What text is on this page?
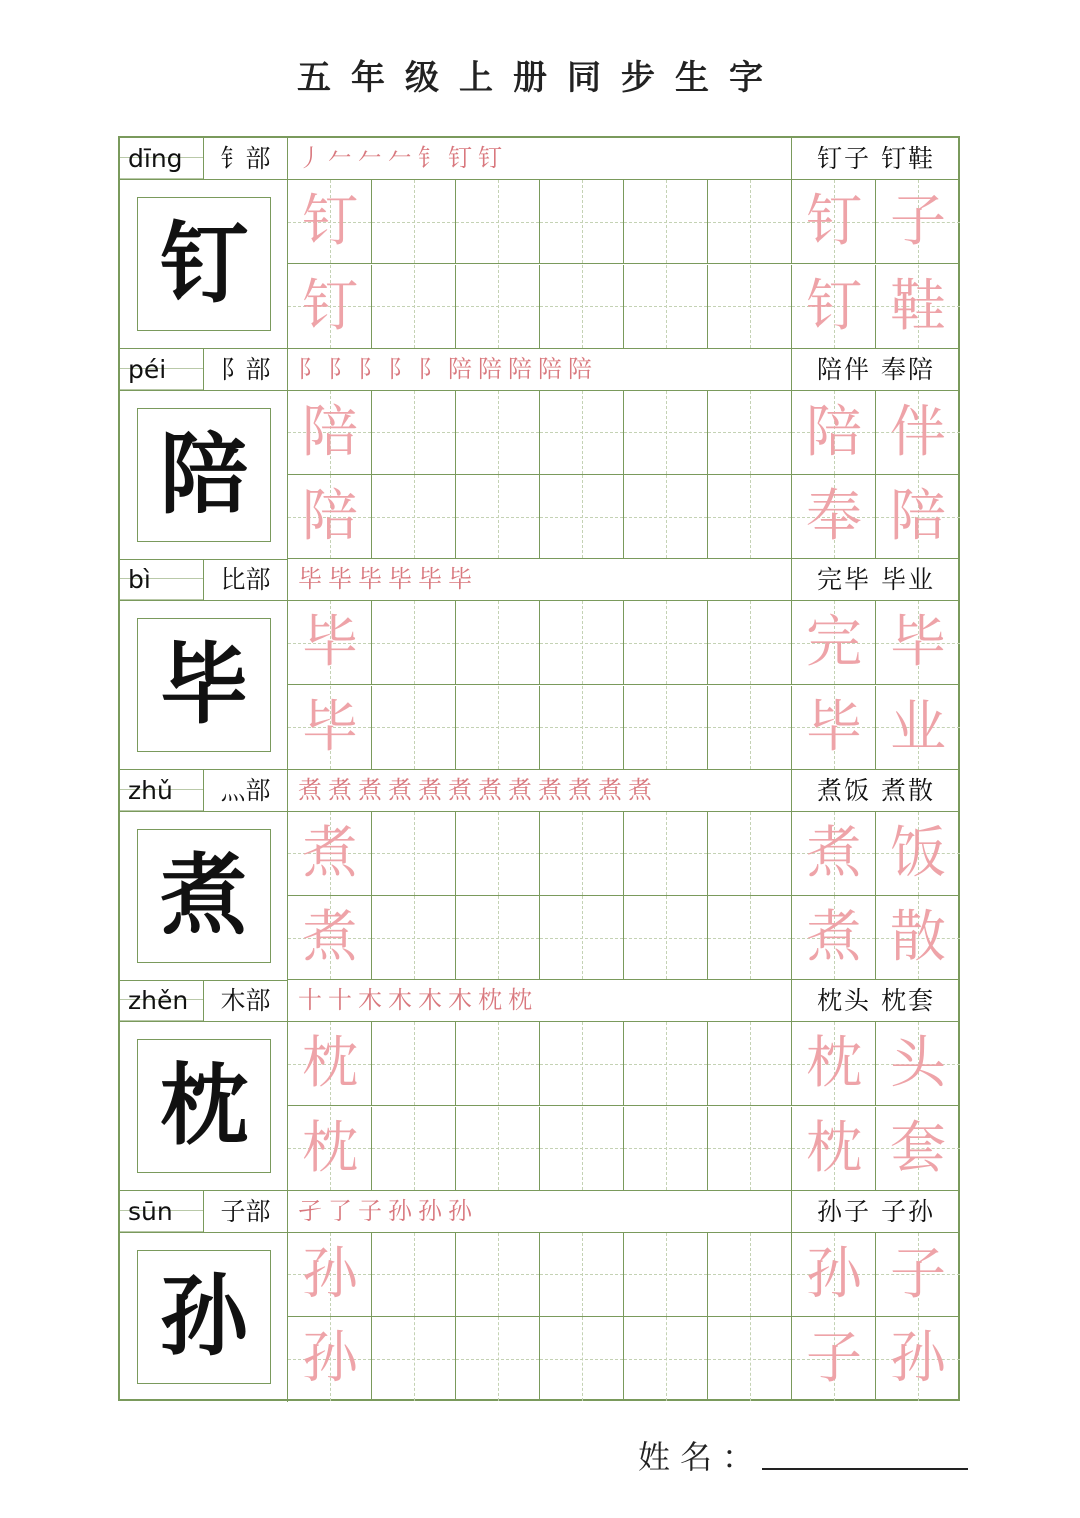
五年级上册同步生字
dīng	钅部	丿 𠂉 𠂉 𠂉 钅 钉 钉	钉子 钉鞋
钉 钉	钉 子
钉	钉 鞋
péi	阝部	阝 阝 阝 阝 阝 陪 陪 陪 陪 陪	陪伴 奉陪
陪 陪	陪 伴
陪	奉 陪
bì	比部	毕 毕 毕 毕 毕 毕	完毕 毕业
毕 毕	完 毕
毕	毕 业
zhǔ	灬部	煮 煮 煮 煮 煮 煮 煮 煮 煮 煮 煮 煮	煮饭 煮散
煮 煮	煮 饭
煮	煮 散
zhěn	木部	十 十 木 木 木 木 枕 枕	枕头 枕套
枕 枕	枕 头
枕	枕 套
sūn	子部	孑 了 子 孙 孙 孙	孙子 子孙
孙 孙	孙 子
孙	子 孙
姓名：
